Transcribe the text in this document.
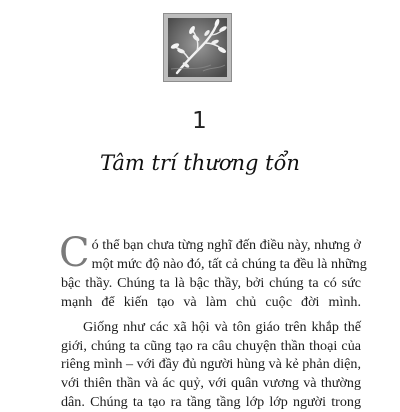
1
Tâm trí thương tổn
C ó thể bạn chưa từng nghĩ đến điều này, nhưng ở
một mức độ nào đó, tất cả chúng ta đều là những
bậc thầy. Chúng ta là bậc thầy, bởi chúng ta có sức
mạnh để kiến tạo và làm chủ cuộc đời mình.
Giống như các xã hội và tôn giáo trên khắp thế
giới, chúng ta cũng tạo ra câu chuyện thần thoại của
riêng mình – với đầy đủ người hùng và kẻ phản diện,
với thiên thần và ác quỷ, với quân vương và thường
dân. Chúng ta tạo ra tầng tầng lớp lớp người trong
